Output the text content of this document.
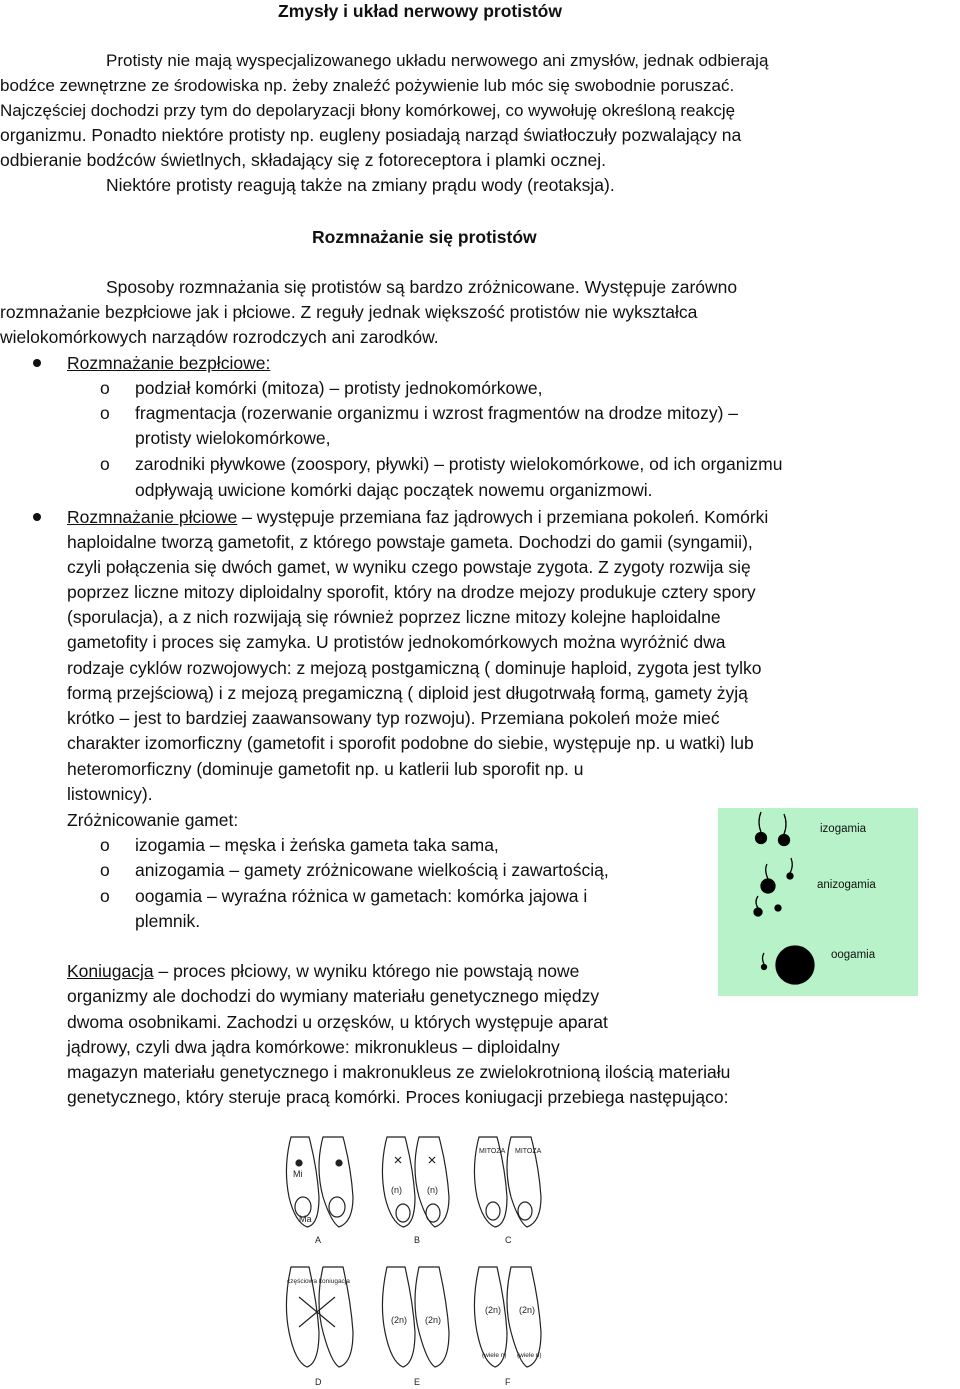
Zmysły i układ nerwowy protistów
Protisty nie mają wyspecjalizowanego układu nerwowego ani zmysłów, jednak odbierają
bodźce zewnętrzne ze środowiska np. żeby znaleźć pożywienie lub móc się swobodnie poruszać.
Najczęściej dochodzi przy tym do depolaryzacji błony komórkowej, co wywołuję określoną reakcję
organizmu. Ponadto niektóre protisty np. eugleny posiadają narząd światłoczuły pozwalający na
odbieranie bodźców świetlnych, składający się z fotoreceptora i plamki ocznej.
Niektóre protisty reagują także na zmiany prądu wody (reotaksja).
Rozmnażanie się protistów
Sposoby rozmnażania się protistów są bardzo zróżnicowane. Występuje zarówno
rozmnażanie bezpłciowe jak i płciowe. Z reguły jednak większość protistów nie wykształca
wielokomórkowych narządów rozrodczych ani zarodków.
Rozmnażanie bezpłciowe:
o podział komórki (mitoza) – protisty jednokomórkowe,
o fragmentacja (rozerwanie organizmu i wzrost fragmentów na drodze mitozy) –
protisty wielokomórkowe,
o zarodniki pływkowe (zoospory, pływki) – protisty wielokomórkowe, od ich organizmu
odpływają uwicione komórki dając początek nowemu organizmowi.
Rozmnażanie płciowe – występuje przemiana faz jądrowych i przemiana pokoleń. Komórki
haploidalne tworzą gametofit, z którego powstaje gameta. Dochodzi do gamii (syngamii),
czyli połączenia się dwóch gamet, w wyniku czego powstaje zygota. Z zygoty rozwija się
poprzez liczne mitozy diploidalny sporofit, który na drodze mejozy produkuje cztery spory
(sporulacja), a z nich rozwijają się również poprzez liczne mitozy kolejne haploidalne
gametofity i proces się zamyka. U protistów jednokomórkowych można wyróżnić dwa
rodzaje cyklów rozwojowych: z mejozą postgamiczną ( dominuje haploid, zygota jest tylko
formą przejściową) i z mejozą pregamiczną ( diploid jest długotrwałą formą, gamety żyją
krótko – jest to bardziej zaawansowany typ rozwoju). Przemiana pokoleń może mieć
charakter izomorficzny (gametofit i sporofit podobne do siebie, występuje np. u watki) lub
heteromorficzny (dominuje gametofit np. u katlerii lub sporofit np. u
listownicy).
Zróżnicowanie gamet:
o izogamia – męska i żeńska gameta taka sama,
o anizogamia – gamety zróżnicowane wielkością i zawartością,
o oogamia – wyraźna różnica w gametach: komórka jajowa i
plemnik.
izogamia
anizogamia
oogamia
Koniugacja – proces płciowy, w wyniku którego nie powstają nowe
organizmy ale dochodzi do wymiany materiału genetycznego między
dwoma osobnikami. Zachodzi u orzęsków, u których występuje aparat
jądrowy, czyli dwa jądra komórkowe: mikronukleus – diploidalny
magazyn materiału genetycznego i makronukleus ze zwielokrotnioną ilością materiału
genetycznego, który steruje pracą komórki. Proces koniugacji przebiega następująco:
Mi
Ma
A
(n)	(n)
B
MITOZA MITOZA
C
częściowa koniugacja
D
(2n) (2n)
E
(2n) (2n)
(wiele n) (wiele n)
F
